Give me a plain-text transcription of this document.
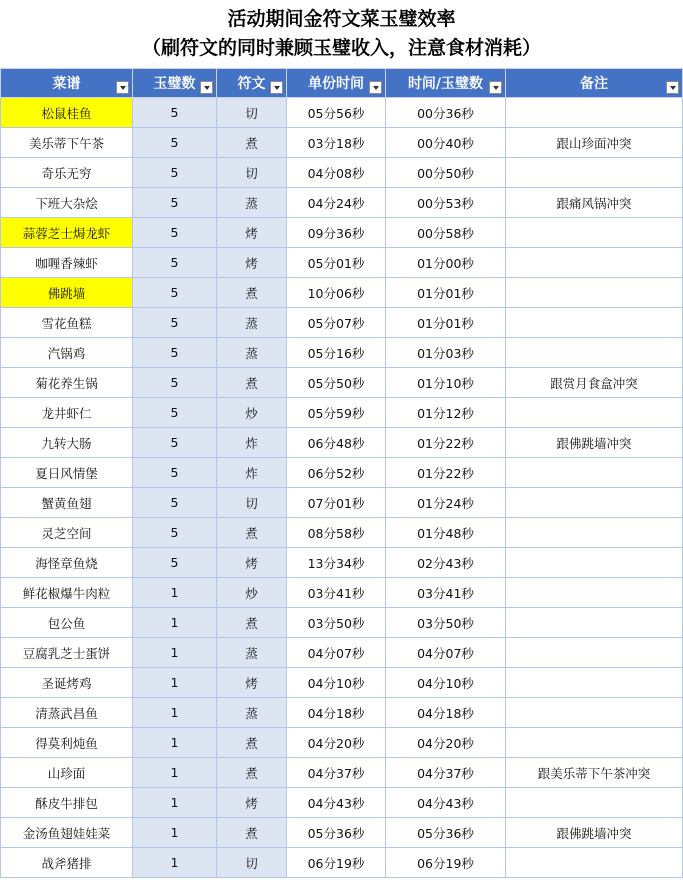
活动期间金符文菜玉璧效率
（刷符文的同时兼顾玉璧收入，注意食材消耗）
菜谱	玉璧数	符文	单份时间	时间/玉璧数	备注

松鼠桂鱼	5	切	05分56秒	00分36秒	
美乐蒂下午茶	5	煮	03分18秒	00分40秒	跟山珍面冲突
奇乐无穷	5	切	04分08秒	00分50秒	
下班大杂烩	5	蒸	04分24秒	00分53秒	跟痛风锅冲突
蒜蓉芝士焗龙虾	5	烤	09分36秒	00分58秒	
咖喱香辣虾	5	烤	05分01秒	01分00秒	
佛跳墙	5	煮	10分06秒	01分01秒	
雪花鱼糕	5	蒸	05分07秒	01分01秒	
汽锅鸡	5	蒸	05分16秒	01分03秒	
菊花养生锅	5	煮	05分50秒	01分10秒	跟赏月食盒冲突
龙井虾仁	5	炒	05分59秒	01分12秒	
九转大肠	5	炸	06分48秒	01分22秒	跟佛跳墙冲突
夏日风情堡	5	炸	06分52秒	01分22秒	
蟹黄鱼翅	5	切	07分01秒	01分24秒	
灵芝空间	5	煮	08分58秒	01分48秒	
海怪章鱼烧	5	烤	13分34秒	02分43秒	
鲜花椒爆牛肉粒	1	炒	03分41秒	03分41秒	
包公鱼	1	煮	03分50秒	03分50秒	
豆腐乳芝士蛋饼	1	蒸	04分07秒	04分07秒	
圣诞烤鸡	1	烤	04分10秒	04分10秒	
清蒸武昌鱼	1	蒸	04分18秒	04分18秒	
得莫利炖鱼	1	煮	04分20秒	04分20秒	
山珍面	1	煮	04分37秒	04分37秒	跟美乐蒂下午茶冲突
酥皮牛排包	1	烤	04分43秒	04分43秒	
金汤鱼翅娃娃菜	1	煮	05分36秒	05分36秒	跟佛跳墙冲突
战斧猪排	1	切	06分19秒	06分19秒	
